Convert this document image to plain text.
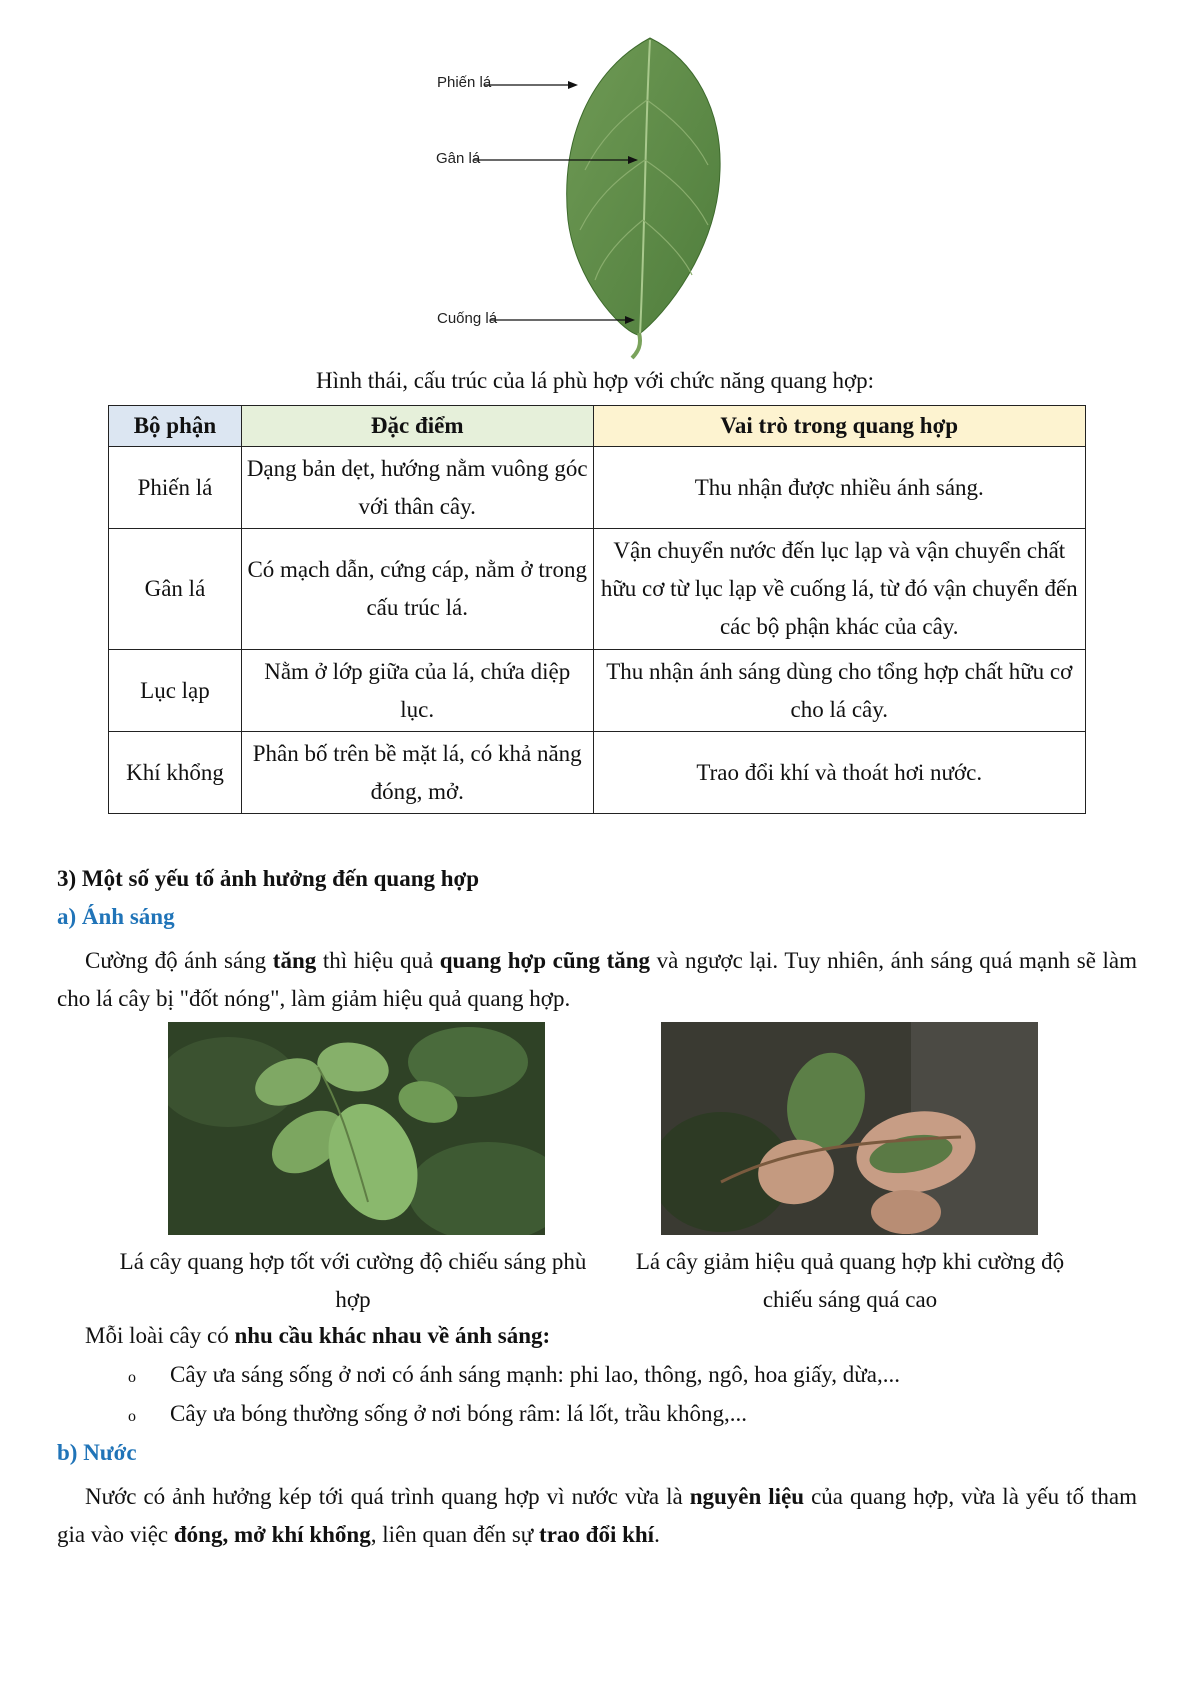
Phiến lá
Gân lá
Cuống lá
Hình thái, cấu trúc của lá phù hợp với chức năng quang hợp:
Bộ phận	Đặc điểm	Vai trò trong quang hợp
Phiến lá	Dạng bản dẹt, hướng nằm vuông góc với thân cây.	Thu nhận được nhiều ánh sáng.
Gân lá	Có mạch dẫn, cứng cáp, nằm ở trong cấu trúc lá.	Vận chuyển nước đến lục lạp và vận chuyển chất hữu cơ từ lục lạp về cuống lá, từ đó vận chuyển đến các bộ phận khác của cây.
Lục lạp	Nằm ở lớp giữa của lá, chứa diệp lục.	Thu nhận ánh sáng dùng cho tổng hợp chất hữu cơ cho lá cây.
Khí khổng	Phân bố trên bề mặt lá, có khả năng đóng, mở.	Trao đổi khí và thoát hơi nước.
3) Một số yếu tố ảnh hưởng đến quang hợp
a) Ánh sáng
Cường độ ánh sáng tăng thì hiệu quả quang hợp cũng tăng và ngược lại. Tuy nhiên, ánh sáng quá mạnh sẽ làm cho lá cây bị "đốt nóng", làm giảm hiệu quả quang hợp.
Lá cây quang hợp tốt với cường độ chiếu sáng phù hợp
Lá cây giảm hiệu quả quang hợp khi cường độ chiếu sáng quá cao
Mỗi loài cây có nhu cầu khác nhau về ánh sáng:
o Cây ưa sáng sống ở nơi có ánh sáng mạnh: phi lao, thông, ngô, hoa giấy, dừa,...
o Cây ưa bóng thường sống ở nơi bóng râm: lá lốt, trầu không,...
b) Nước
Nước có ảnh hưởng kép tới quá trình quang hợp vì nước vừa là nguyên liệu của quang hợp, vừa là yếu tố tham gia vào việc đóng, mở khí khổng, liên quan đến sự trao đổi khí.
